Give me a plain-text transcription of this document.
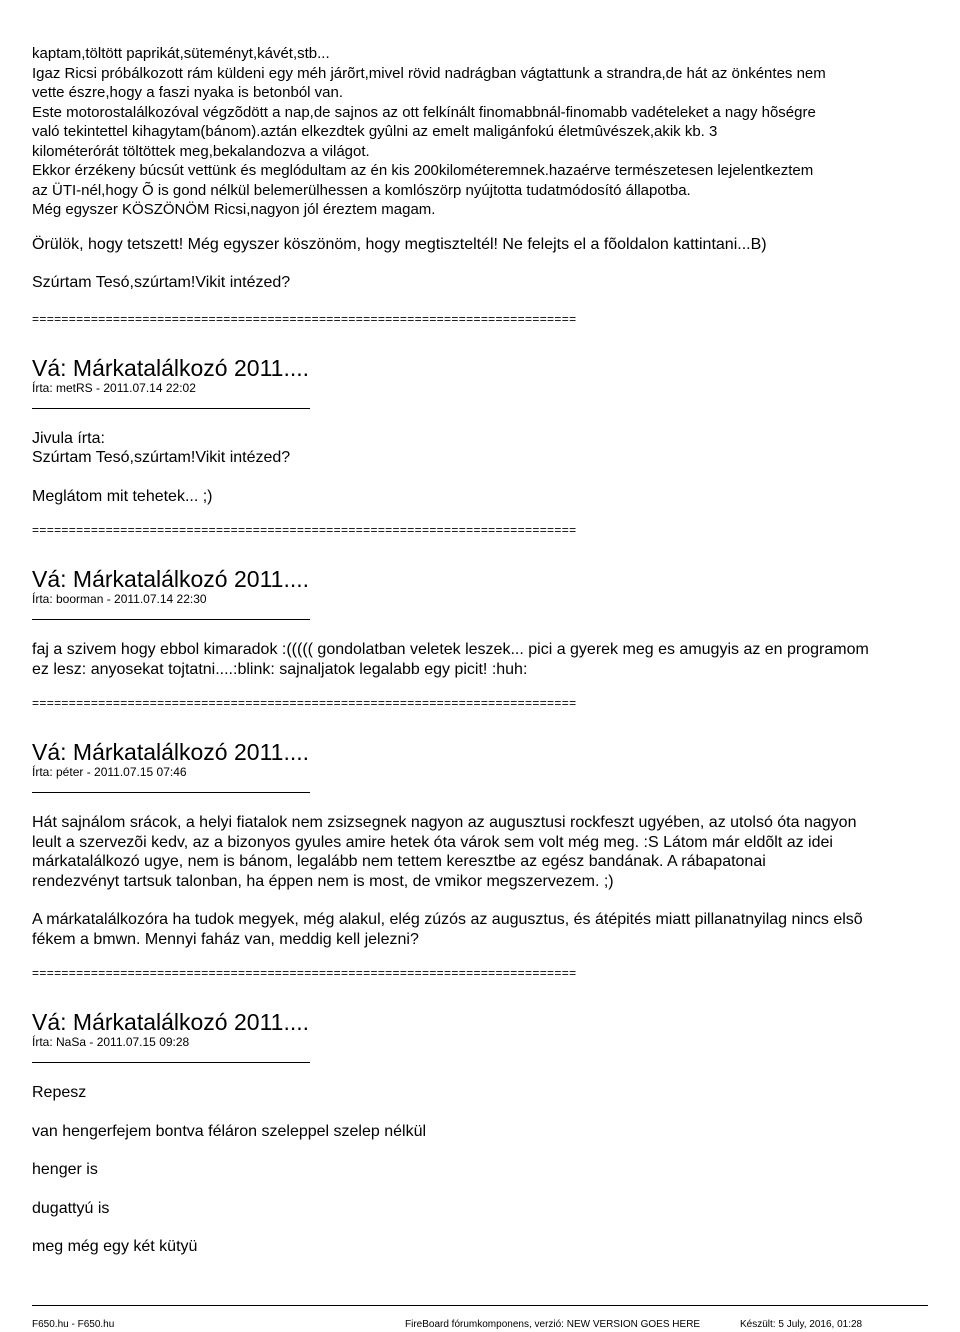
kaptam,töltött paprikát,süteményt,kávét,stb...

Igaz Ricsi próbálkozott rám küldeni egy méh járõrt,mivel rövid nadrágban vágtattunk a strandra,de hát az önkéntes nem

vette észre,hogy a faszi nyaka is betonból van.

Este motorostalálkozóval végzõdött a nap,de sajnos az ott felkínált finomabbnál-finomabb vadételeket a nagy hõségre

való tekintettel kihagytam(bánom).aztán elkezdtek gyûlni az emelt maligánfokú életmûvészek,akik kb. 3

kilométerórát töltöttek meg,bekalandozva a világot.

Ekkor érzékeny búcsút vettünk és meglódultam az én kis 200kilométeremnek.hazaérve természetesen lejelentkeztem

az ÜTI-nél,hogy Õ is gond nélkül belemerülhessen a komlószörp nyújtotta tudatmódosító állapotba.

Még egyszer KÖSZÖNÖM Ricsi,nagyon jól éreztem magam.

Örülök, hogy tetszett! Még egyszer köszönöm, hogy megtiszteltél! Ne felejts el a fõoldalon kattintani...B)

Szúrtam Tesó,szúrtam!Vikit intézed?

==========================================================================
Vá: Márkatalálkozó 2011....

Írta: metRS - 2011.07.14 22:02

Jivula írta:

Szúrtam Tesó,szúrtam!Vikit intézed?

Meglátom mit tehetek... ;)

==========================================================================
Vá: Márkatalálkozó 2011....

Írta: boorman - 2011.07.14 22:30

faj a szivem hogy ebbol kimaradok :((((( gondolatban veletek leszek... pici a gyerek meg es amugyis az en programom

ez lesz: anyosekat tojtatni....:blink: sajnaljatok legalabb egy picit! :huh:

==========================================================================
Vá: Márkatalálkozó 2011....

Írta: péter - 2011.07.15 07:46

Hát sajnálom srácok, a helyi fiatalok nem zsizsegnek nagyon az augusztusi rockfeszt ugyében, az utolsó óta nagyon

leult a szervezõi kedv, az a bizonyos gyules amire hetek óta várok sem volt még meg. :S Látom már eldõlt az idei

márkatalálkozó ugye, nem is bánom, legalább nem tettem keresztbe az egész bandának. A rábapatonai

rendezvényt tartsuk talonban, ha éppen nem is most, de vmikor megszervezem. ;)

A márkatalálkozóra ha tudok megyek, még alakul, elég zúzós az augusztus, és átépités miatt pillanatnyilag nincs elsõ

fékem a bmwn. Mennyi faház van, meddig kell jelezni?

==========================================================================
Vá: Márkatalálkozó 2011....

Írta: NaSa - 2011.07.15 09:28

Repesz

van hengerfejem bontva féláron szeleppel szelep nélkül

henger is

dugattyú is

meg még egy két kütyü

F650.hu - F650.hu	FireBoard fórumkomponens, verzió: NEW VERSION GOES HERE	Készült: 5 July, 2016, 01:28
